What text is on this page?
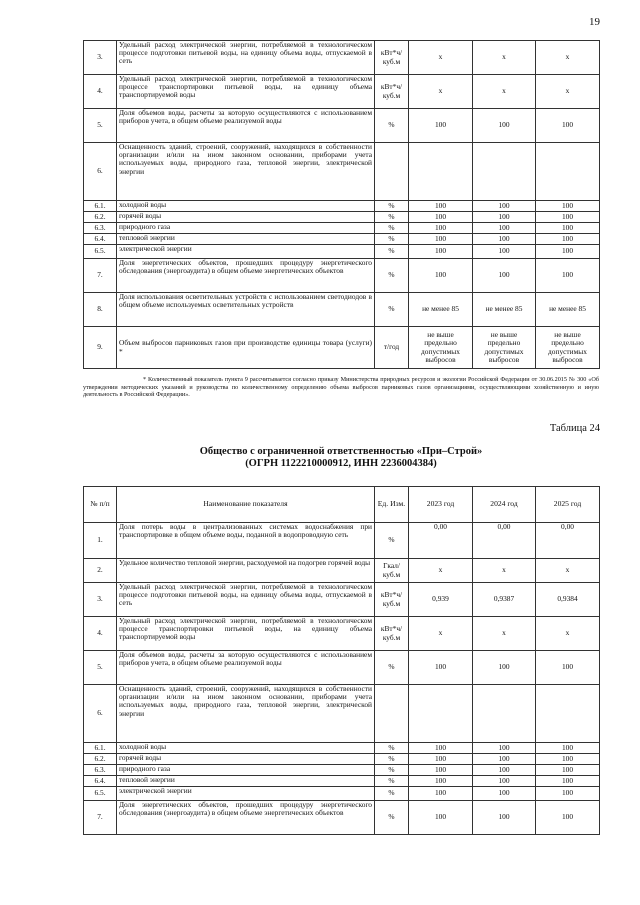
19
3.	Удельный расход электрической энергии, потребляемой в технологическом процессе подготовки питьевой воды, на единицу объема воды, отпускаемой в сеть	кВт*ч/ куб.м	х	х	х
4.	Удельный расход электрической энергии, потребляемой в технологическом процессе транспортировки питьевой воды, на единицу объема транспортируемой воды	кВт*ч/ куб.м	х	х	х
5.	Доля объемов воды, расчеты за которую осуществляются с использованием приборов учета, в общем объеме реализуемой воды	%	100	100	100
6.	Оснащенность зданий, строений, сооружений, находящихся в собственности организации и/или на ином законном основании, приборами учета используемых воды, природного газа, тепловой энергии, электрической энергии				
6.1.	холодной воды	%	100	100	100
6.2.	горячей воды	%	100	100	100
6.3.	природного газа	%	100	100	100
6.4.	тепловой энергии	%	100	100	100
6.5.	электрической энергии	%	100	100	100
7.	Доля энергетических объектов, прошедших процедуру энергетического обследования (энергоаудита) в общем объеме энергетических объектов	%	100	100	100
8.	Доля использования осветительных устройств с использованием светодиодов в общем объеме используемых осветительных устройств	%	не менее 85	не менее 85	не менее 85
9.	Объем выбросов парниковых газов при производстве единицы товара (услуги) *	т/год	не выше предельно допустимых выбросов	не выше предельно допустимых выбросов	не выше предельно допустимых выбросов
* Количественный показатель пункта 9 рассчитывается согласно приказу Министерства природных ресурсов и экологии Российской Федерации от 30.06.2015 № 300 «Об утверждении методических указаний и руководства по количественному определению объема выбросов парниковых газов организациями, осуществляющими хозяйственную и иную деятельность в Российской Федерации».
Таблица 24
Общество с ограниченной ответственностью «При–Строй»
(ОГРН 1122210000912, ИНН 2236004384)
№ п/п	Наименование показателя	Ед. Изм.	2023 год	2024 год	2025 год
1.	Доля потерь воды в централизованных системах водоснабжения при транспортировке в общем объеме воды, поданной в водопроводную сеть	%	0,00	0,00	0,00
2.	Удельное количество тепловой энергии, расходуемой на подогрев горячей воды	Гкал/ куб.м	х	х	х
3.	Удельный расход электрической энергии, потребляемой в технологическом процессе подготовки питьевой воды, на единицу объема воды, отпускаемой в сеть	кВт*ч/ куб.м	0,939	0,9387	0,9384
4.	Удельный расход электрической энергии, потребляемой в технологическом процессе транспортировки питьевой воды, на единицу объема транспортируемой воды	кВт*ч/ куб.м	х	х	х
5.	Доля объемов воды, расчеты за которую осуществляются с использованием приборов учета, в общем объеме реализуемой воды	%	100	100	100
6.	Оснащенность зданий, строений, сооружений, находящихся в собственности организации и/или на ином законном основании, приборами учета используемых воды, природного газа, тепловой энергии, электрической энергии				
6.1.	холодной воды	%	100	100	100
6.2.	горячей воды	%	100	100	100
6.3.	природного газа	%	100	100	100
6.4.	тепловой энергии	%	100	100	100
6.5.	электрической энергии	%	100	100	100
7.	Доля энергетических объектов, прошедших процедуру энергетического обследования (энергоаудита) в общем объеме энергетических объектов	%	100	100	100
